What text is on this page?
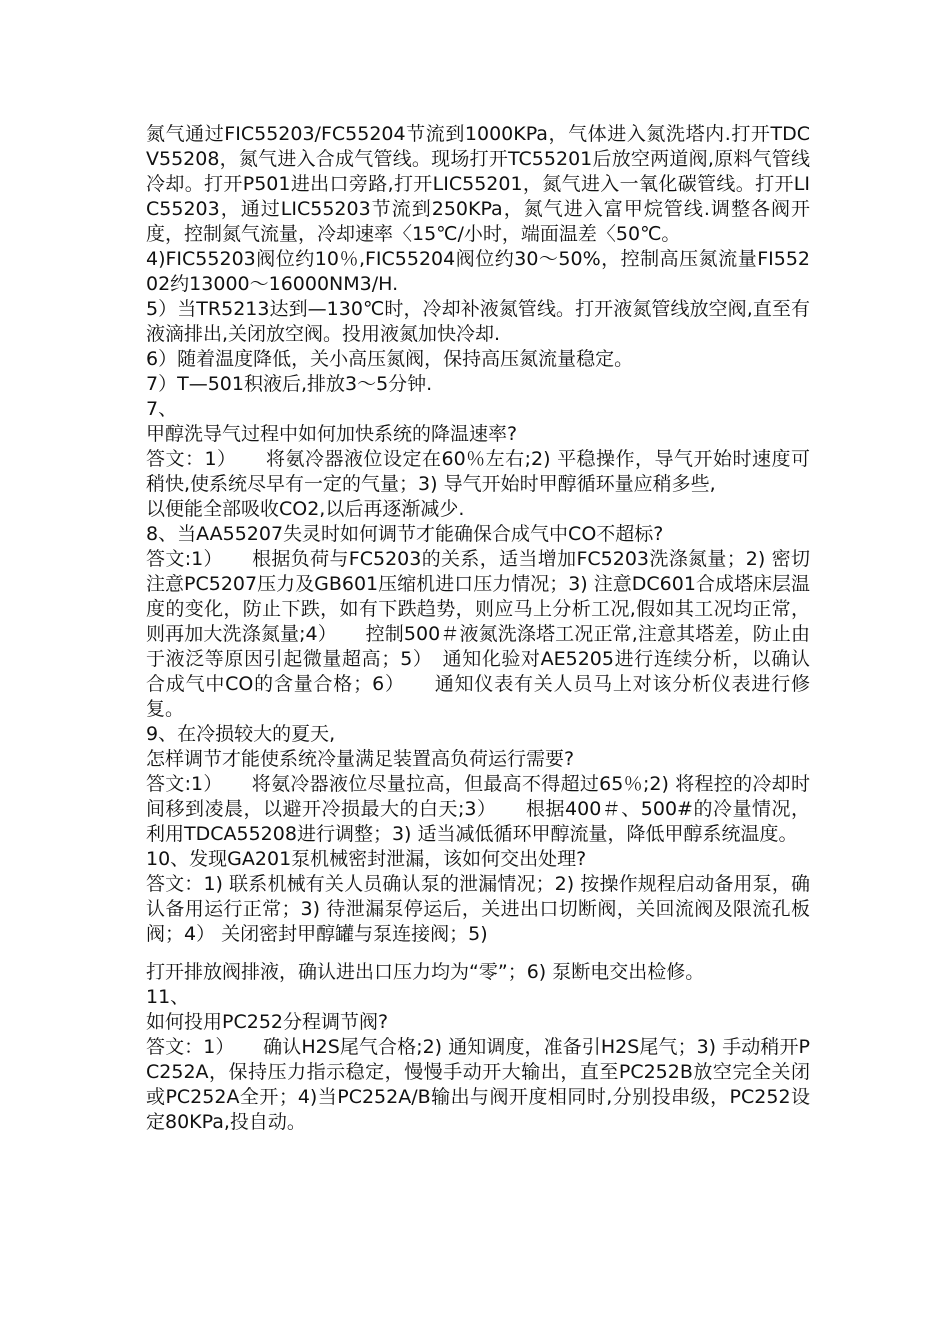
氮气通过FIC55203/FC55204节流到1000KPa，气体进入氮洗塔内.打开TDCV55208，氮气进入合成气管线。现场打开TC55201后放空两道阀,原料气管线冷却。打开P501进出口旁路,打开LIC55201，氮气进入一氧化碳管线。打开LIC55203，通过LIC55203节流到250KPa，氮气进入富甲烷管线.调整各阀开度，控制氮气流量，冷却速率〈15℃/小时，端面温差〈50℃。

4)FIC55203阀位约10％,FIC55204阀位约30～50%，控制高压氮流量FI55202约13000～16000NM3/H.

5）当TR5213达到—130℃时，冷却补液氮管线。打开液氮管线放空阀,直至有液滴排出,关闭放空阀。投用液氮加快冷却.

6）随着温度降低，关小高压氮阀，保持高压氮流量稳定。

7）T—501积液后,排放3～5分钟.

7、

甲醇洗导气过程中如何加快系统的降温速率?

答文：1）　　将氨冷器液位设定在60％左右;2) 平稳操作，导气开始时速度可稍快,使系统尽早有一定的气量；3) 导气开始时甲醇循环量应稍多些,

以便能全部吸收CO2,以后再逐渐减少.

8、当AA55207失灵时如何调节才能确保合成气中CO不超标?

答文:1）　　根据负荷与FC5203的关系，适当增加FC5203洗涤氮量；2) 密切注意PC5207压力及GB601压缩机进口压力情况；3) 注意DC601合成塔床层温度的变化，防止下跌，如有下跌趋势，则应马上分析工况,假如其工况均正常，则再加大洗涤氮量;4）　　控制500＃液氮洗涤塔工况正常,注意其塔差，防止由于液泛等原因引起微量超高；5）　通知化验对AE5205进行连续分析，以确认合成气中CO的含量合格；6）　　通知仪表有关人员马上对该分析仪表进行修复。

9、在冷损较大的夏天,

怎样调节才能使系统冷量满足装置高负荷运行需要?

答文:1）　　将氨冷器液位尽量拉高，但最高不得超过65％;2) 将程控的冷却时间移到凌晨，以避开冷损最大的白天;3）　　根据400＃、500#的冷量情况，利用TDCA55208进行调整；3) 适当减低循环甲醇流量，降低甲醇系统温度。

10、发现GA201泵机械密封泄漏，该如何交出处理?

答文：1) 联系机械有关人员确认泵的泄漏情况；2) 按操作规程启动备用泵，确认备用运行正常；3) 待泄漏泵停运后，关进出口切断阀，关回流阀及限流孔板阀；4） 关闭密封甲醇罐与泵连接阀；5)

打开排放阀排液，确认进出口压力均为“零”；6) 泵断电交出检修。

11、

如何投用PC252分程调节阀?

答文：1）　　确认H2S尾气合格;2) 通知调度，准备引H2S尾气；3) 手动稍开PC252A，保持压力指示稳定，慢慢手动开大输出，直至PC252B放空完全关闭或PC252A全开；4)当PC252A/B输出与阀开度相同时,分别投串级，PC252设定80KPa,投自动。
